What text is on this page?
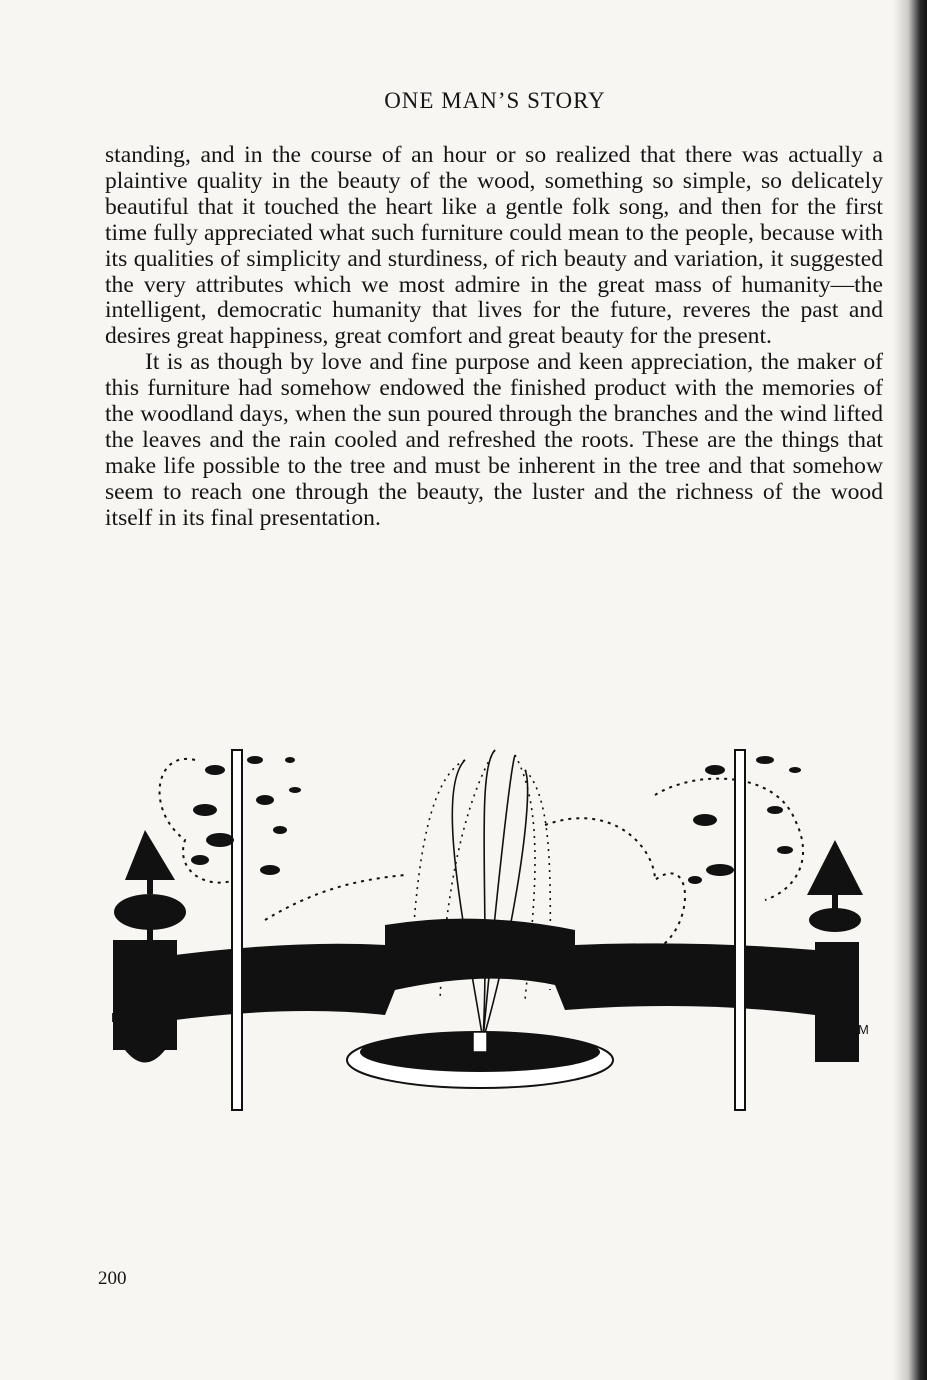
ONE MAN’S STORY

standing, and in the course of an hour or so realized that there was actually a plaintive quality in the beauty of the wood, something so simple, so delicately beautiful that it touched the heart like a gentle folk song, and then for the first time fully appreciated what such furniture could mean to the people, because with its qualities of simplicity and sturdiness, of rich beauty and variation, it suggested the very attributes which we most admire in the great mass of humanity—the intelligent, democratic humanity that lives for the future, reveres the past and desires great happiness, great comfort and great beauty for the present.

It is as though by love and fine purpose and keen appreciation, the maker of this furniture had somehow endowed the finished product with the memories of the woodland days, when the sun poured through the branches and the wind lifted the leaves and the rain cooled and refreshed the roots. These are the things that make life possible to the tree and must be inherent in the tree and that somehow seem to reach one through the beauty, the luster and the richness of the wood itself in its final presentation.

L
M
200
